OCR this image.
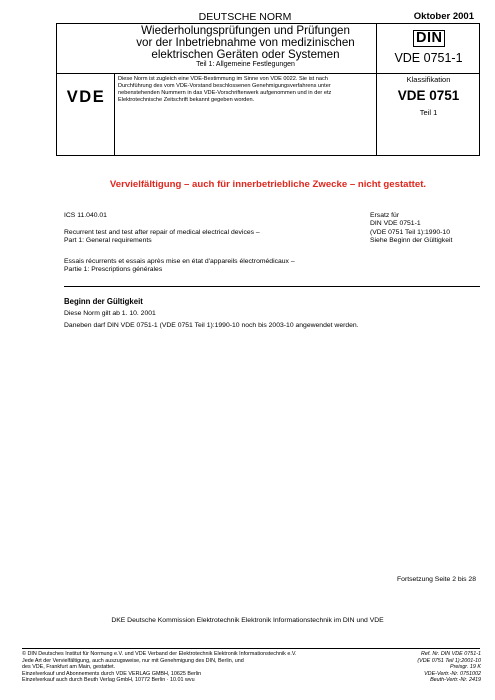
DEUTSCHE NORM	Oktober 2001
Wiederholungsprüfungen und Prüfungen
vor der Inbetriebnahme von medizinischen
elektrischen Geräten oder Systemen
Teil 1: Allgemeine Festlegungen
DIN
VDE 0751-1
VDE
Diese Norm ist zugleich eine VDE-Bestimmung im Sinne von VDE 0022. Sie ist nach
Durchführung des vom VDE-Vorstand beschlossenen Genehmigungsverfahrens unter
nebenstehenden Nummern in das VDE-Vorschriftenwerk aufgenommen und in der etz
Elektrotechnische Zeitschrift bekannt gegeben worden.
Klassifikation
VDE 0751
Teil 1
Vervielfältigung – auch für innerbetriebliche Zwecke – nicht gestattet.
ICS 11.040.01	Ersatz für
DIN VDE 0751-1
(VDE 0751 Teil 1):1990-10
Siehe Beginn der Gültigkeit
Recurrent test and test after repair of medical electrical devices –
Part 1: General requirements
Essais récurrents et essais après mise en état d'appareils électromédicaux –
Partie 1: Prescriptions générales
Beginn der Gültigkeit
Diese Norm gilt ab 1. 10. 2001
Daneben darf DIN VDE 0751-1 (VDE 0751 Teil 1):1990-10 noch bis 2003-10 angewendet werden.
Fortsetzung Seite 2 bis 28
DKE Deutsche Kommission Elektrotechnik Elektronik Informationstechnik im DIN und VDE
© DIN Deutsches Institut für Normung e.V. und VDE Verband der Elektrotechnik Elektronik Informationstechnik e.V.
Jede Art der Vervielfältigung, auch auszugsweise, nur mit Genehmigung des DIN, Berlin, und
des VDE, Frankfurt am Main, gestattet.
Einzelverkauf und Abonnements durch VDE VERLAG GMBH, 10625 Berlin
Einzelverkauf auch durch Beuth Verlag GmbH, 10772 Berlin · 10.01 wvu
Ref. Nr. DIN VDE 0751-1
(VDE 0751 Teil 1):2001-10
Preisgr. 19 K
VDE-Vertr.-Nr. 0751002
Beuth-Vertr.-Nr. 2419
